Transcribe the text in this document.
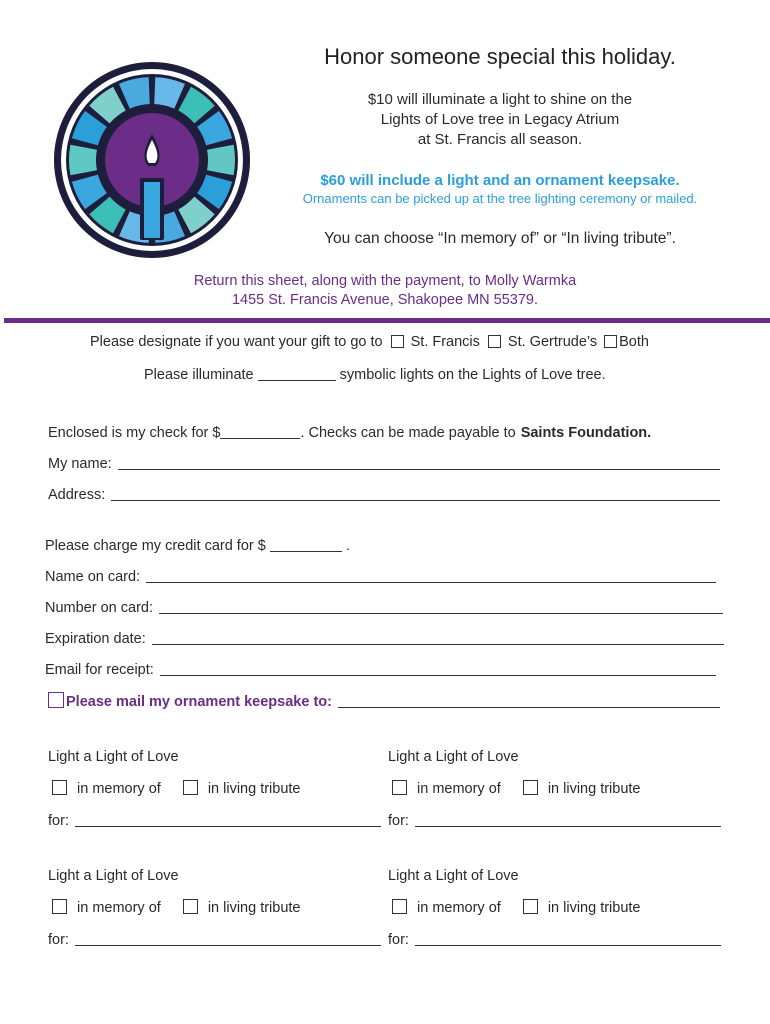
Honor someone special this holiday.
$10 will illuminate a light to shine on the
Lights of Love tree in Legacy Atrium
at St. Francis all season.
$60 will include a light and an ornament keepsake.
Ornaments can be picked up at the tree lighting ceremony or mailed.
You can choose “In memory of” or “In living tribute”.
Return this sheet, along with the payment, to Molly Warmka
1455 St. Francis Avenue, Shakopee MN 55379.
Please designate if you want your gift to go to St. Francis St. Gertrude’s Both
Please illuminate	symbolic lights on the Lights of Love tree.
Enclosed is my check for $	. Checks can be made payable to Saints Foundation.
My name:
Address:
Please charge my credit card for $	.
Name on card:
Number on card:
Expiration date:
Email for receipt:
Please mail my ornament keepsake to:
Light a Light of Love
in memory of	in living tribute
for:
Light a Light of Love
in memory of	in living tribute
for:
Light a Light of Love
in memory of	in living tribute
for:
Light a Light of Love
in memory of	in living tribute
for:
